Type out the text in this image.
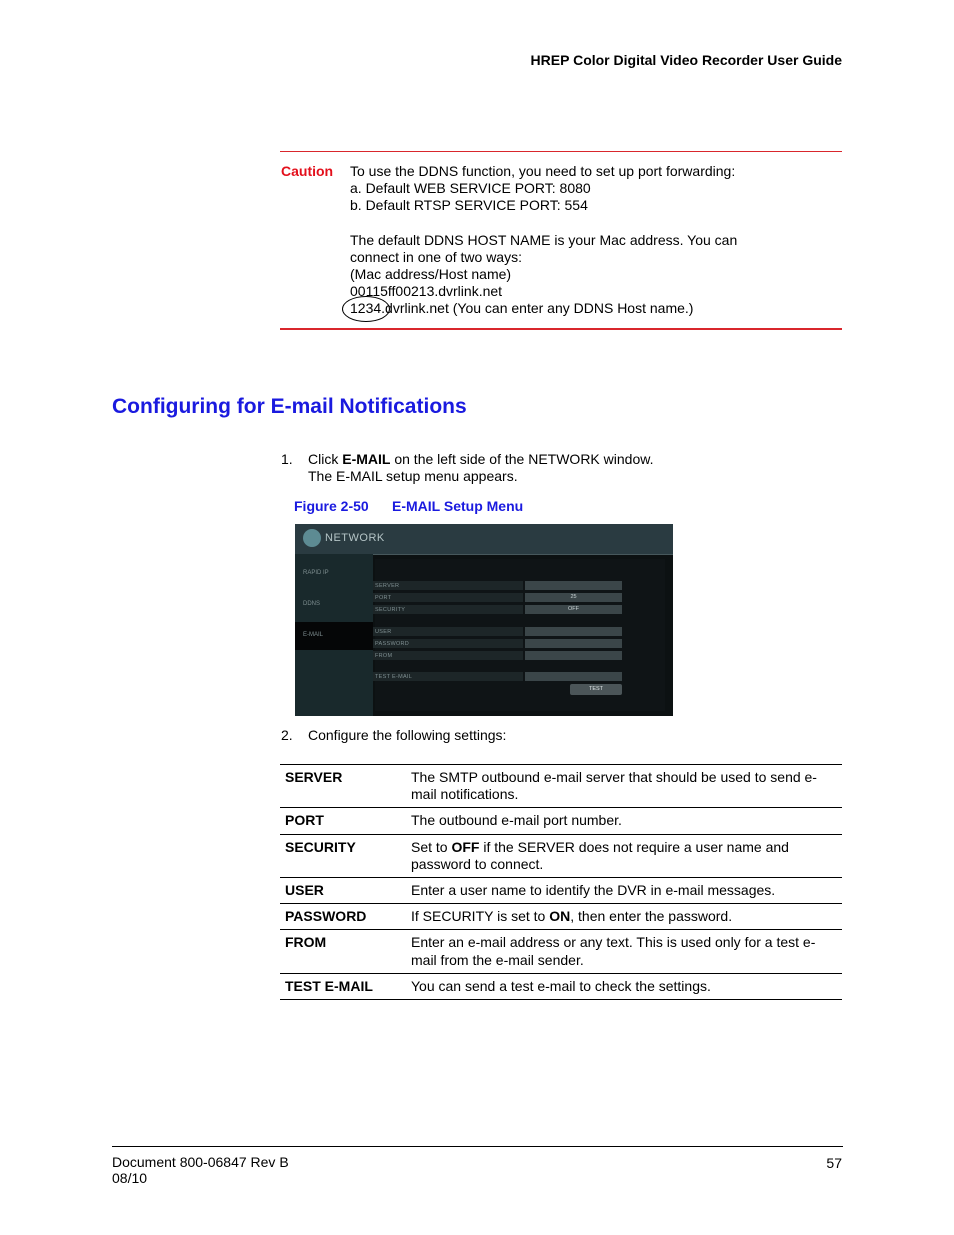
HREP Color Digital Video Recorder User Guide
Caution To use the DDNS function, you need to set up port forwarding:
a. Default WEB SERVICE PORT: 8080
b. Default RTSP SERVICE PORT: 554
The default DDNS HOST NAME is your Mac address. You can
connect in one of two ways:
(Mac address/Host name)
00115ff00213.dvrlink.net
1234.dvrlink.net (You can enter any DDNS Host name.)
Configuring for E-mail Notifications
1. Click E-MAIL on the left side of the NETWORK window.
The E-MAIL setup menu appears.
Figure 2-50 E-MAIL Setup Menu
NETWORK
RAPID IP
DDNS
E-MAIL
SERVER
PORT	25
SECURITY	OFF
USER
PASSWORD
FROM
TEST E-MAIL
TEST
2. Configure the following settings:
SERVER	The SMTP outbound e-mail server that should be used to send e-mail notifications.
PORT	The outbound e-mail port number.
SECURITY	Set to OFF if the SERVER does not require a user name and password to connect.
USER	Enter a user name to identify the DVR in e-mail messages.
PASSWORD	If SECURITY is set to ON, then enter the password.
FROM	Enter an e-mail address or any text. This is used only for a test e-mail from the e-mail sender.
TEST E-MAIL	You can send a test e-mail to check the settings.
Document 800-06847 Rev B
08/10
57
